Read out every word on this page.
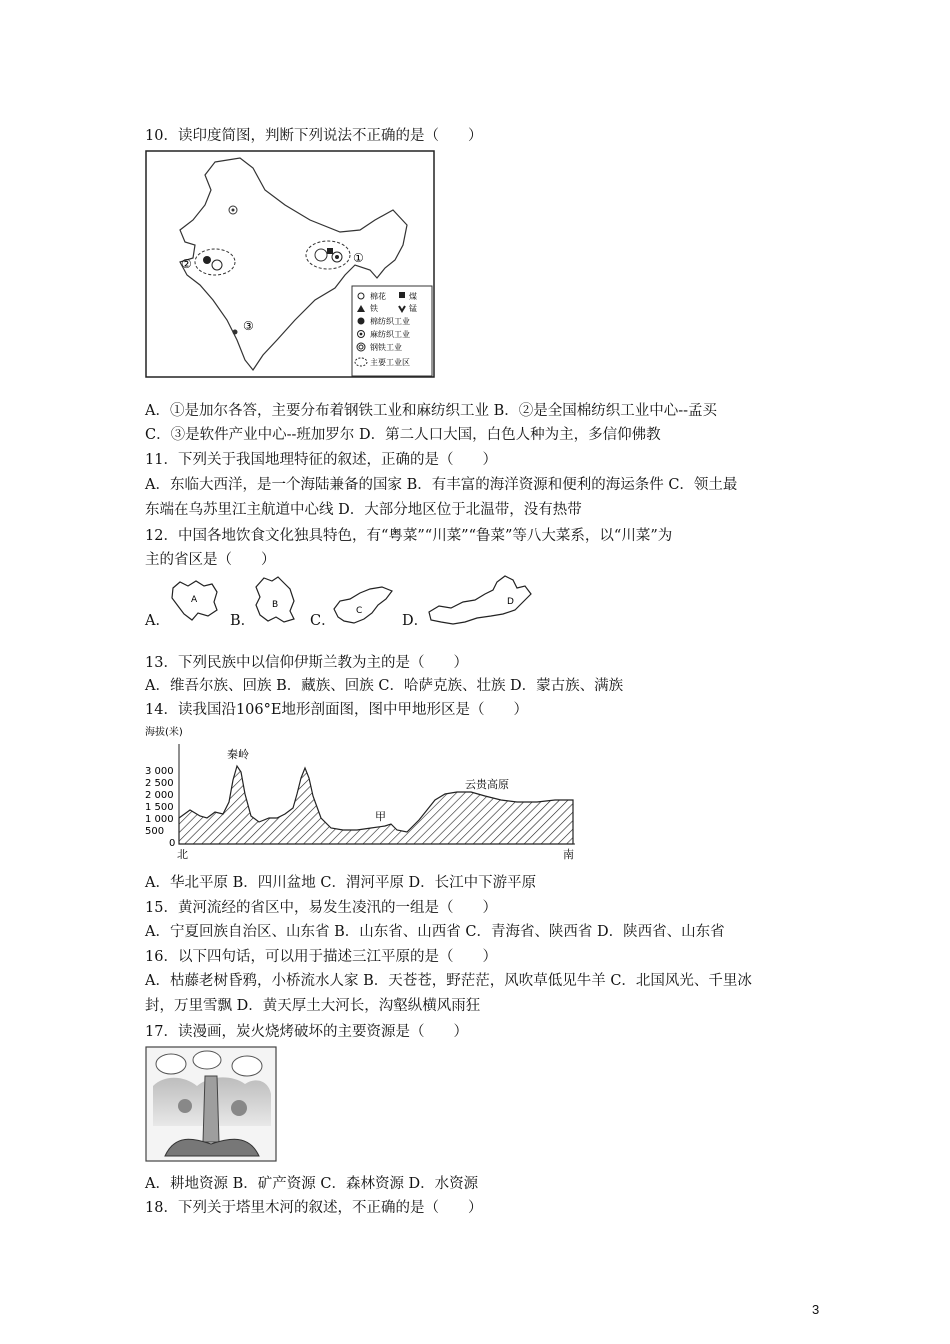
10．读印度简图，判断下列说法不正确的是（　　）
①
②
③
棉花	煤
铁	锰
棉纺织工业
麻纺织工业
钢铁工业
主要工业区
A．①是加尔各答，主要分布着钢铁工业和麻纺织工业 B．②是全国棉纺织工业中心--孟买
C．③是软件产业中心--班加罗尔 D．第二人口大国，白色人种为主，多信仰佛教
11．下列关于我国地理特征的叙述，正确的是（　　）
A．东临大西洋，是一个海陆兼备的国家 B．有丰富的海洋资源和便利的海运条件 C．领土最
东端在乌苏里江主航道中心线 D．大部分地区位于北温带，没有热带
12．中国各地饮食文化独具特色，有“粤菜”“川菜”“鲁菜”等八大菜系，以“川菜”为
主的省区是（　　）
A．
A
B．
B
C．
C
D．
D
13．下列民族中以信仰伊斯兰教为主的是（　　）
A．维吾尔族、回族 B．藏族、回族 C．哈萨克族、壮族 D．蒙古族、满族
14．读我国沿106°E地形剖面图，图中甲地形区是（　　）
海拔(米)
3 000
2 500
2 000
1 500
1 000
500
0
秦岭
甲
云贵高原
北	南
A．华北平原 B．四川盆地 C．渭河平原 D．长江中下游平原
15．黄河流经的省区中，易发生凌汛的一组是（　　）
A．宁夏回族自治区、山东省 B．山东省、山西省 C．青海省、陕西省 D．陕西省、山东省
16．以下四句话，可以用于描述三江平原的是（　　）
A．枯藤老树昏鸦，小桥流水人家 B．天苍苍，野茫茫，风吹草低见牛羊 C．北国风光、千里冰
封，万里雪飘 D．黄天厚土大河长，沟壑纵横风雨狂
17．读漫画，炭火烧烤破坏的主要资源是（　　）
A．耕地资源 B．矿产资源 C．森林资源 D．水资源
18．下列关于塔里木河的叙述，不正确的是（　　）
3
